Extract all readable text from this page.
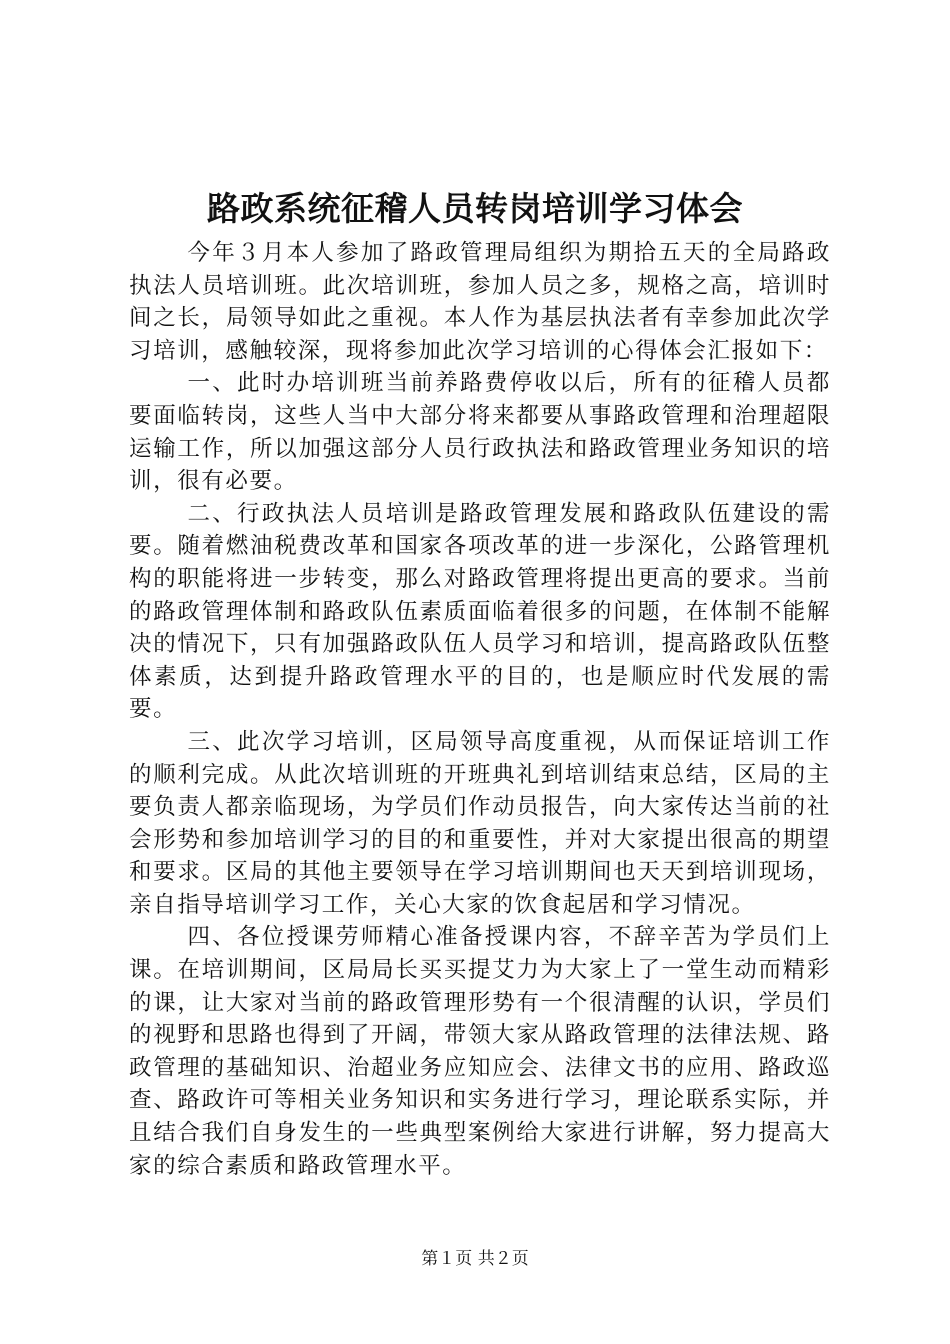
路政系统征稽人员转岗培训学习体会

今年３月本人参加了路政管理局组织为期拾五天的全局路政执法人员培训班。此次培训班，参加人员之多，规格之高，培训时间之长，局领导如此之重视。本人作为基层执法者有幸参加此次学习培训，感触较深，现将参加此次学习培训的心得体会汇报如下：

一、此时办培训班当前养路费停收以后，所有的征稽人员都要面临转岗，这些人当中大部分将来都要从事路政管理和治理超限运输工作，所以加强这部分人员行政执法和路政管理业务知识的培训，很有必要。

二、行政执法人员培训是路政管理发展和路政队伍建设的需要。随着燃油税费改革和国家各项改革的进一步深化，公路管理机构的职能将进一步转变，那么对路政管理将提出更高的要求。当前的路政管理体制和路政队伍素质面临着很多的问题，在体制不能解决的情况下，只有加强路政队伍人员学习和培训，提高路政队伍整体素质，达到提升路政管理水平的目的，也是顺应时代发展的需要。

三、此次学习培训，区局领导高度重视，从而保证培训工作的顺利完成。从此次培训班的开班典礼到培训结束总结，区局的主要负责人都亲临现场，为学员们作动员报告，向大家传达当前的社会形势和参加培训学习的目的和重要性，并对大家提出很高的期望和要求。区局的其他主要领导在学习培训期间也天天到培训现场，亲自指导培训学习工作，关心大家的饮食起居和学习情况。

四、各位授课劳师精心准备授课内容，不辞辛苦为学员们上课。在培训期间，区局局长买买提艾力为大家上了一堂生动而精彩的课，让大家对当前的路政管理形势有一个很清醒的认识，学员们的视野和思路也得到了开阔，带领大家从路政管理的法律法规、路政管理的基础知识、治超业务应知应会、法律文书的应用、路政巡查、路政许可等相关业务知识和实务进行学习，理论联系实际，并且结合我们自身发生的一些典型案例给大家进行讲解，努力提高大家的综合素质和路政管理水平。

第１页 共２页
